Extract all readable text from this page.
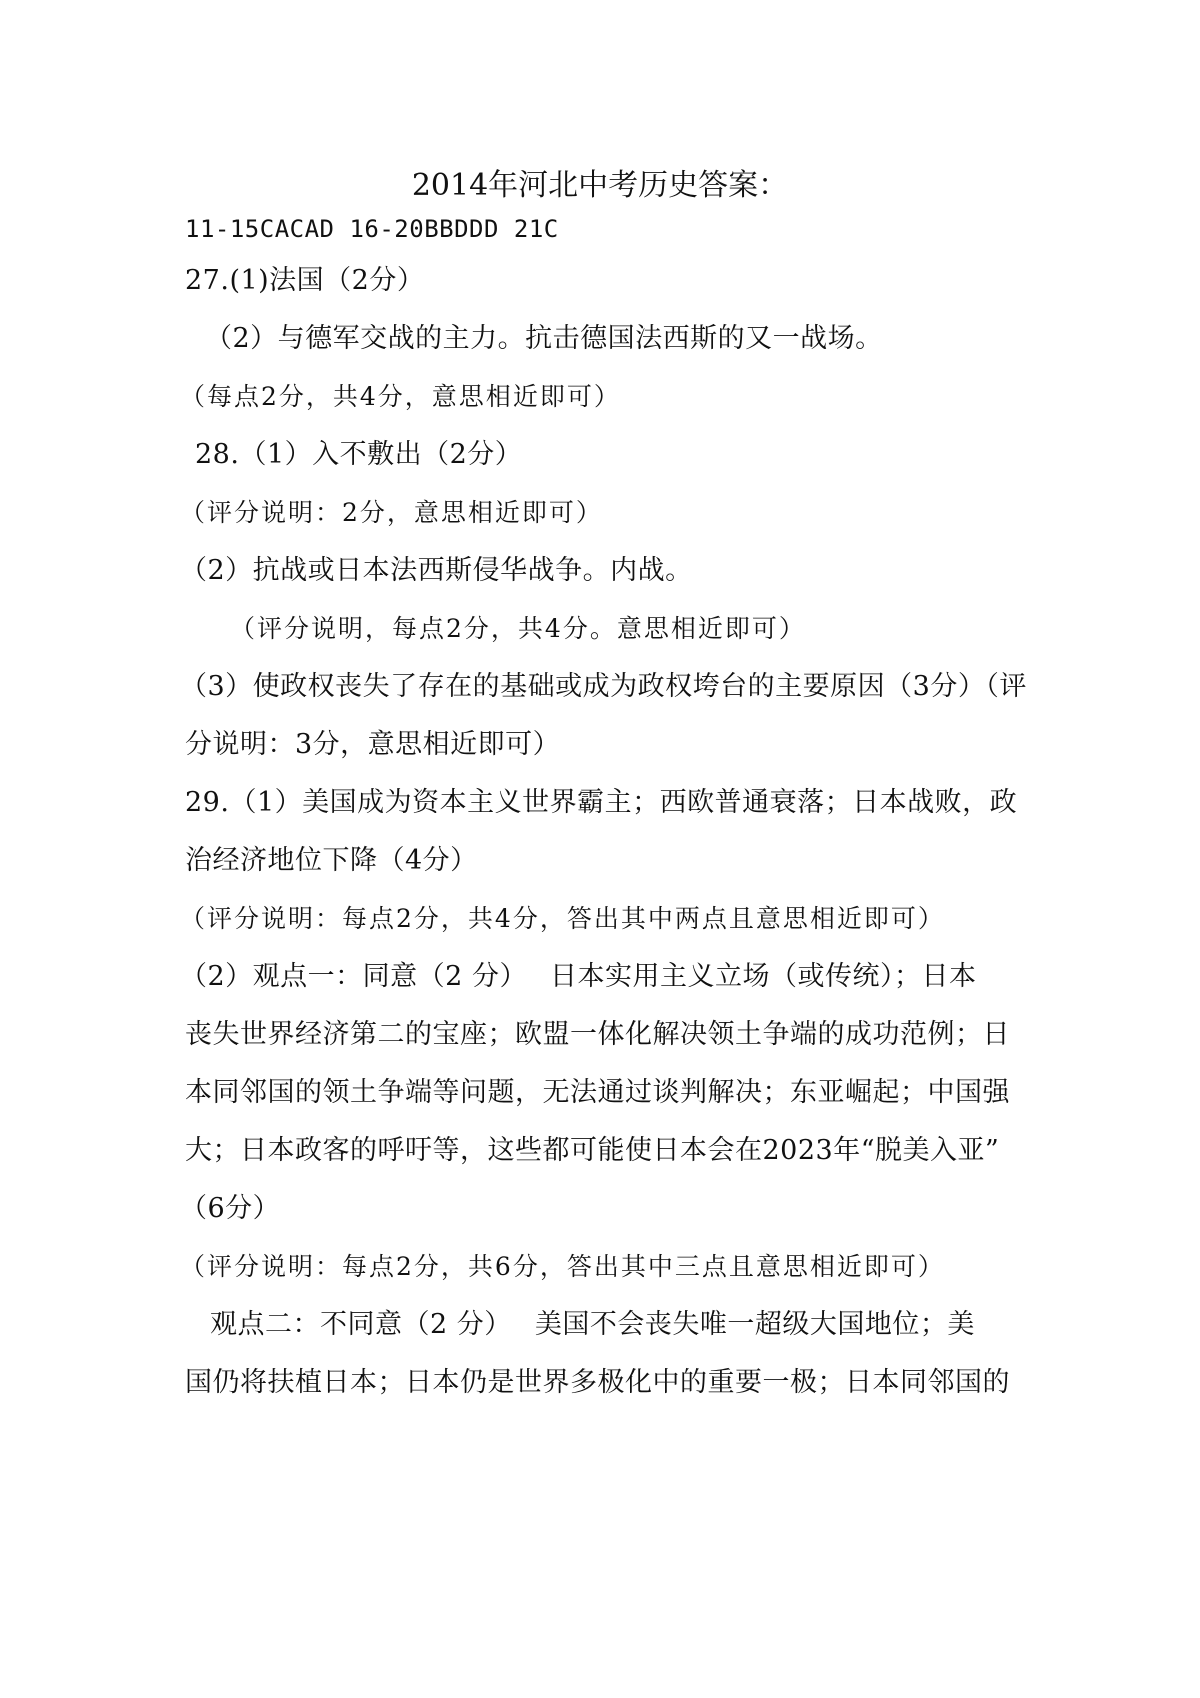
2014年河北中考历史答案：
11-15CACAD 16-20BBDDD 21C
27.(1)法国（2分）
（2）与德军交战的主力。抗击德国法西斯的又一战场。
（每点2分，共4分，意思相近即可）
28.（1）入不敷出（2分）
（评分说明：2分，意思相近即可）
（2）抗战或日本法西斯侵华战争。内战。
（评分说明，每点2分，共4分。意思相近即可）
（3）使政权丧失了存在的基础或成为政权垮台的主要原因（3分）（评
分说明：3分，意思相近即可）
29.（1）美国成为资本主义世界霸主；西欧普通衰落；日本战败，政
治经济地位下降（4分）
（评分说明：每点2分，共4分，答出其中两点且意思相近即可）
（2）观点一：同意（2 分）　 日本实用主义立场（或传统）；日本
丧失世界经济第二的宝座；欧盟一体化解决领土争端的成功范例；日
本同邻国的领土争端等问题，无法通过谈判解决；东亚崛起；中国强
大；日本政客的呼吁等，这些都可能使日本会在2023年“脱美入亚”
（6分）
（评分说明：每点2分，共6分，答出其中三点且意思相近即可）
观点二：不同意（2 分）　 美国不会丧失唯一超级大国地位；美
国仍将扶植日本；日本仍是世界多极化中的重要一极；日本同邻国的
